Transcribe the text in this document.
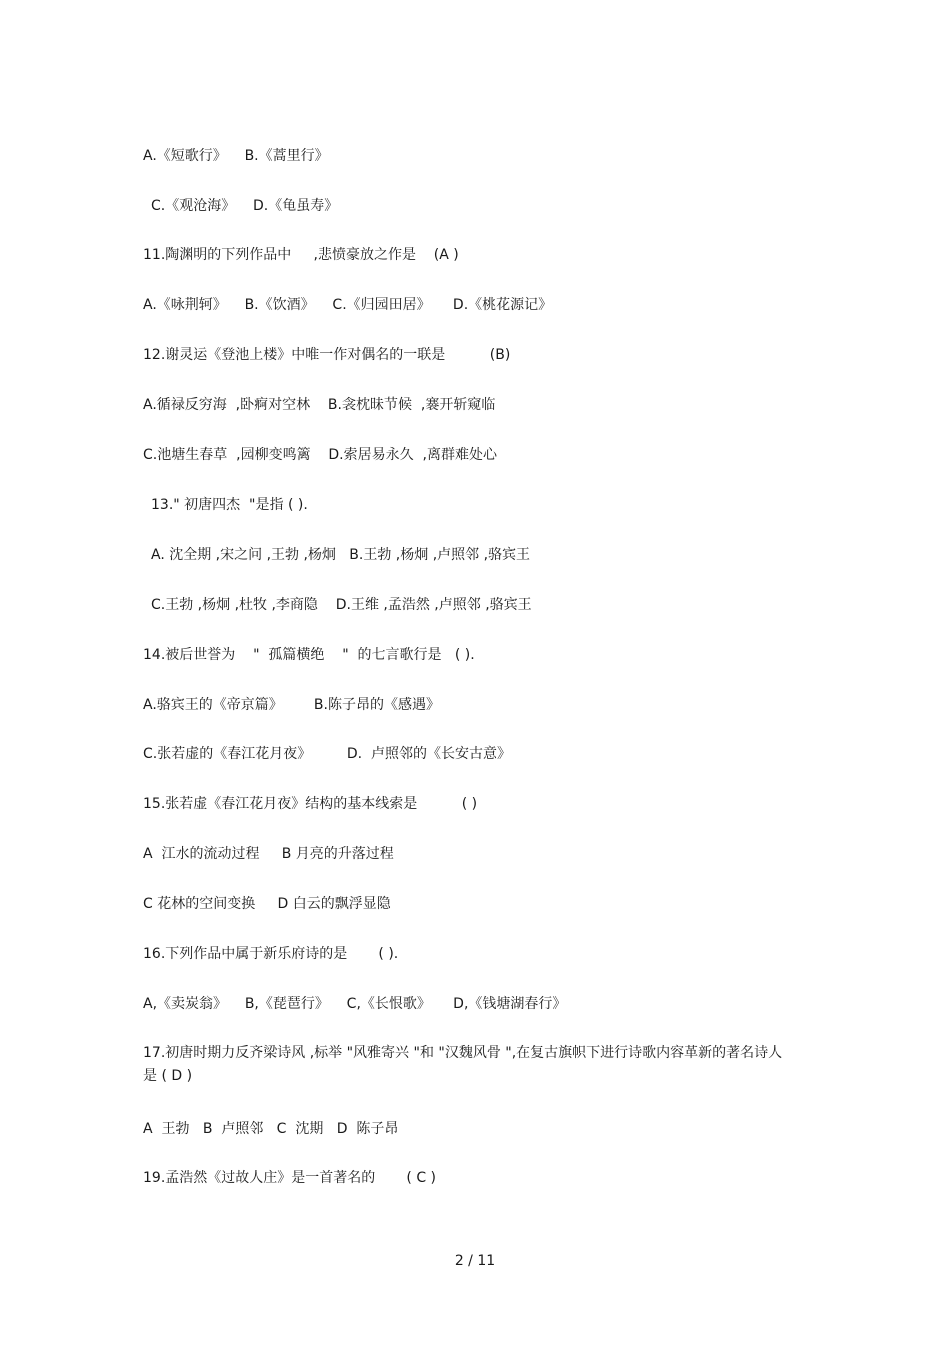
A.《短歌行》    B.《蒿里行》
C.《观沧海》    D.《龟虽寿》
11.陶渊明的下列作品中     ,悲愤豪放之作是    (A )
A.《咏荆轲》    B.《饮酒》    C.《归园田居》     D.《桃花源记》
12.谢灵运《登池上楼》中唯一作对偶名的一联是          (B)
A.循禄反穷海  ,卧痾对空林    B.衾枕昧节候  ,褰开斩窥临
C.池塘生春草  ,园柳变鸣篱    D.索居易永久  ,离群难处心
13." 初唐四杰  "是指 ( ).
A. 沈全期 ,宋之问 ,王勃 ,杨炯   B.王勃 ,杨炯 ,卢照邻 ,骆宾王
C.王勃 ,杨炯 ,杜牧 ,李商隐    D.王维 ,孟浩然 ,卢照邻 ,骆宾王
14.被后世誉为    "  孤篇横绝    "  的七言歌行是   ( ).
A.骆宾王的《帝京篇》       B.陈子昂的《感遇》
C.张若虚的《春江花月夜》        D.  卢照邻的《长安古意》
15.张若虚《春江花月夜》结构的基本线索是          ( )
A  江水的流动过程     B 月亮的升落过程
C 花林的空间变换     D 白云的飘浮显隐
16.下列作品中属于新乐府诗的是       ( ).
A,《卖炭翁》    B,《琵琶行》    C,《长恨歌》     D,《钱塘湖春行》
17.初唐时期力反齐梁诗风 ,标举 "风雅寄兴 "和 "汉魏风骨 ",在复古旗帜下进行诗歌内容革新的著名诗人是 ( D )
A  王勃   B  卢照邻   C  沈期   D  陈子昂
19.孟浩然《过故人庄》是一首著名的       ( C )
2 / 11
